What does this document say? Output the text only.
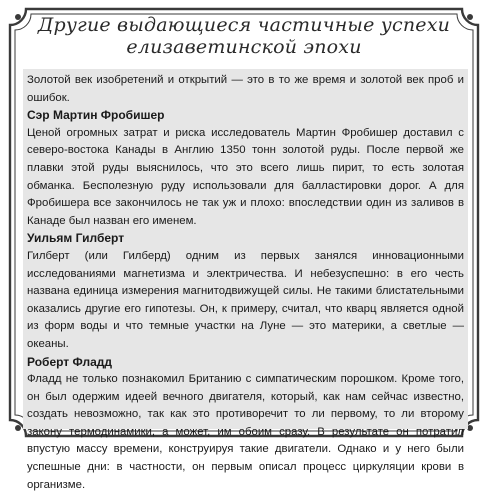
Другие выдающиеся частичные успехи
елизаветинской эпохи

Золотой век изобретений и открытий — это в то же время и золотой век проб и ошибок.

Сэр Мартин Фробишер

Ценой огромных затрат и риска исследователь Мартин Фробишер доставил с северо-востока Канады в Англию 1350 тонн золотой руды. После первой же плавки этой руды выяснилось, что это всего лишь пирит, то есть золотая обманка. Бесполезную руду использовали для балластировки дорог. А для Фробишера все закончилось не так уж и плохо: впоследствии один из заливов в Канаде был назван его именем.

Уильям Гилберт

Гилберт (или Гилберд) одним из первых занялся инновационными исследованиями магнетизма и электричества. И небезуспешно: в его честь названа единица измерения магнитодвижущей силы. Не такими блистательными оказались другие его гипотезы. Он, к примеру, считал, что кварц является одной из форм воды и что темные участки на Луне — это материки, а светлые — океаны.

Роберт Фладд

Фладд не только познакомил Британию с симпатическим порошком. Кроме того, он был одержим идеей вечного двигателя, который, как нам сейчас известно, создать невозможно, так как это противоречит то ли первому, то ли второму закону термодинамики, а может, им обоим сразу. В результате он потратил впустую массу времени, конструируя такие двигатели. Однако и у него были успешные дни: в частности, он первым описал процесс циркуляции крови в организме.
